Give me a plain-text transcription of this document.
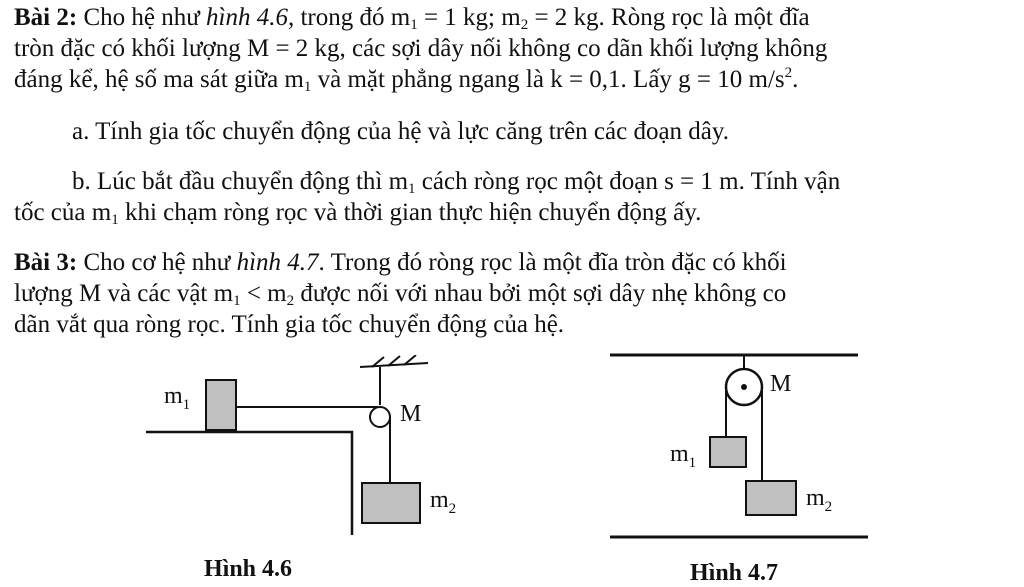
Bài 2: Cho hệ như hình 4.6, trong đó $m_1 = 1$ kg; $m_2 = 2$ kg. Ròng rọc là một đĩa
tròn đặc có khối lượng M = 2 kg, các sợi dây nối không co dãn khối lượng không
đáng kể, hệ số ma sát giữa $m_1$ và mặt phẳng ngang là k = 0,1. Lấy g = 10 $m/s^2$.
a. Tính gia tốc chuyển động của hệ và lực căng trên các đoạn dây.
b. Lúc bắt đầu chuyển động thì $m_1$ cách ròng rọc một đoạn s = 1 m. Tính vận
tốc của $m_1$ khi chạm ròng rọc và thời gian thực hiện chuyển động ấy.
Bài 3: Cho cơ hệ như hình 4.7. Trong đó ròng rọc là một đĩa tròn đặc có khối
lượng M và các vật $m_1 < m_2$ được nối với nhau bởi một sợi dây nhẹ không co
dãn vắt qua ròng rọc. Tính gia tốc chuyển động của hệ.
$m_1$	M
$m_2$
Hình 4.6
M
$m_1$
$m_2$
Hình 4.7
